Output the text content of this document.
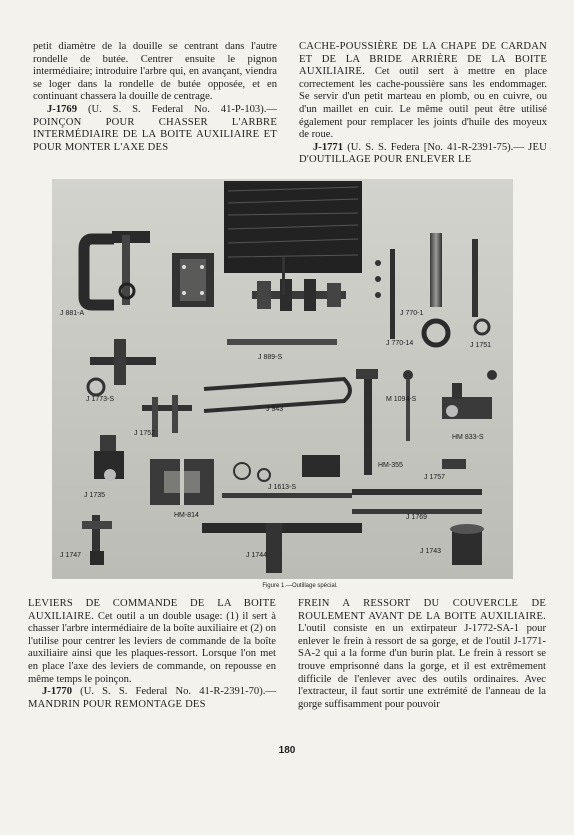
petit diamètre de la douille se centrant dans l'autre rondelle de butée. Centrer ensuite le pignon intermédiaire; introduire l'arbre qui, en avançant, viendra se loger dans la rondelle de butée opposée, et en continuant chassera la douille de centrage.

J-1769 (U. S. S. Federal No. 41-P-103).— POINÇON POUR CHASSER L'ARBRE INTERMÉDIAIRE DE LA BOITE AUXILIAIRE ET POUR MONTER L'AXE DES

CACHE-POUSSIÈRE DE LA CHAPE DE CARDAN ET DE LA BRIDE ARRIÈRE DE LA BOITE AUXILIAIRE. Cet outil sert à mettre en place correctement les cache-poussière sans les endommager. Se servir d'un petit marteau en plomb, ou en cuivre, ou d'un maillet en cuir. Le même outil peut être utilisé également pour remplacer les joints d'huile des moyeux de roue.

J-1771 (U. S. S. Federa [No. 41-R-2391-75).— JEU D'OUTILLAGE POUR ENLEVER LE

J 881-A
J 1773-S
J 1752
J 1735
J 1747
J 889-S
J 943
HM-814
J 1613-S
J 1744
J 770-1
J 770-14	J 1751
M 1094-S
HM 833-S
HM-355
J 1757
J 1769
J 1743
Figure 1.—Outillage spécial.

LEVIERS DE COMMANDE DE LA BOITE AUXILIAIRE. Cet outil a un double usage: (1) il sert à chasser l'arbre intermédiaire de la boîte auxiliaire et (2) on l'utilise pour centrer les leviers de commande de la boîte auxiliaire ainsi que les plaques-ressort. Lorsque l'on met en place l'axe des leviers de commande, on repousse en même temps le poinçon.

J-1770 (U. S. S. Federal No. 41-R-2391-70).— MANDRIN POUR REMONTAGE DES

FREIN A RESSORT DU COUVERCLE DE ROULEMENT AVANT DE LA BOITE AUXILIAIRE. L'outil consiste en un extirpateur J-1772-SA-1 pour enlever le frein à ressort de sa gorge, et de l'outil J-1771-SA-2 qui a la forme d'un burin plat. Le frein à ressort se trouve emprisonné dans la gorge, et il est extrêmement difficile de l'enlever avec des outils ordinaires. Avec l'extracteur, il faut sortir une extrémité de l'anneau de la gorge suffisamment pour pouvoir

180
